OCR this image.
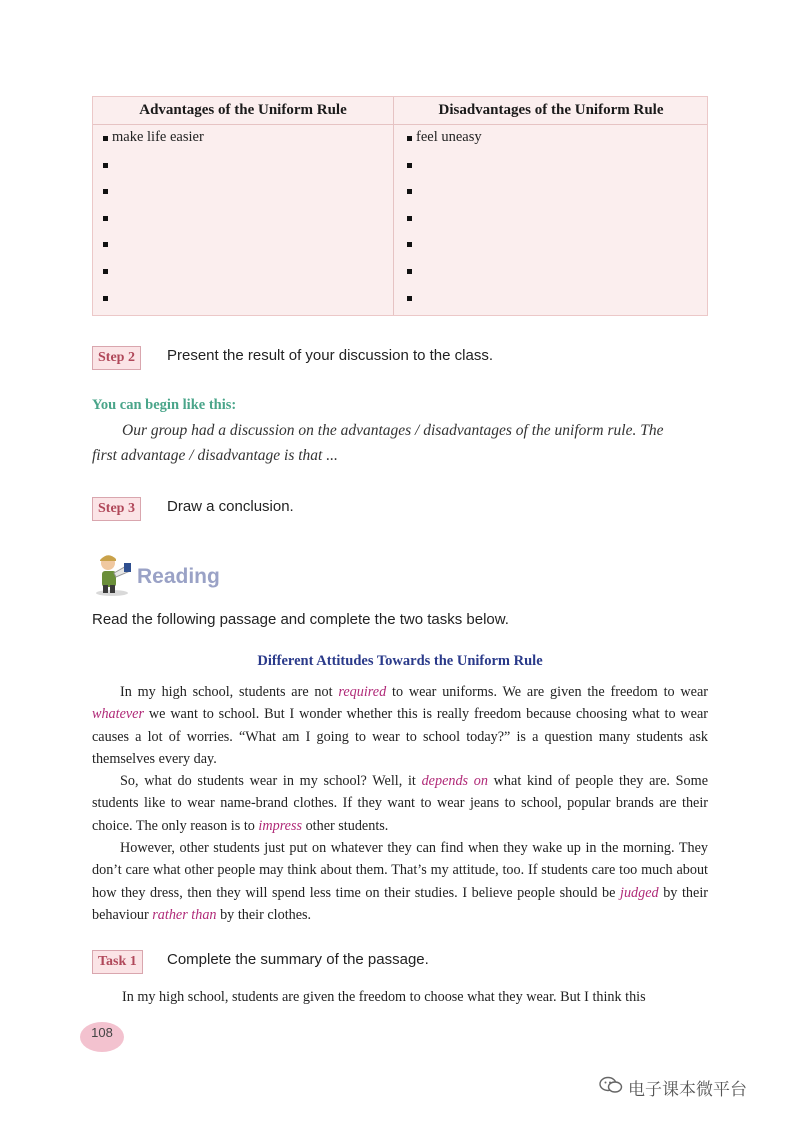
Advantages of the Uniform Rule	Disadvantages of the Uniform Rule
make life easier	feel uneasy
Step 2	Present the result of your discussion to the class.
You can begin like this:
Our group had a discussion on the advantages / disadvantages of the uniform rule. The
first advantage / disadvantage is that ...
Step 3	Draw a conclusion.
Reading
Read the following passage and complete the two tasks below.
Different Attitudes Towards the Uniform Rule

In my high school, students are not required to wear uniforms. We are given the freedom to wear whatever we want to school. But I wonder whether this is really freedom because choosing what to wear causes a lot of worries. “What am I going to wear to school today?” is a question many students ask themselves every day.

So, what do students wear in my school? Well, it depends on what kind of people they are. Some students like to wear name-brand clothes. If they want to wear jeans to school, popular brands are their choice. The only reason is to impress other students.

However, other students just put on whatever they can find when they wake up in the morning. They don’t care what other people may think about them. That’s my attitude, too. If students care too much about how they dress, then they will spend less time on their studies. I believe people should be judged by their behaviour rather than by their clothes.

Task 1	Complete the summary of the passage.
In my high school, students are given the freedom to choose what they wear. But I think this
108
电子课本微平台
